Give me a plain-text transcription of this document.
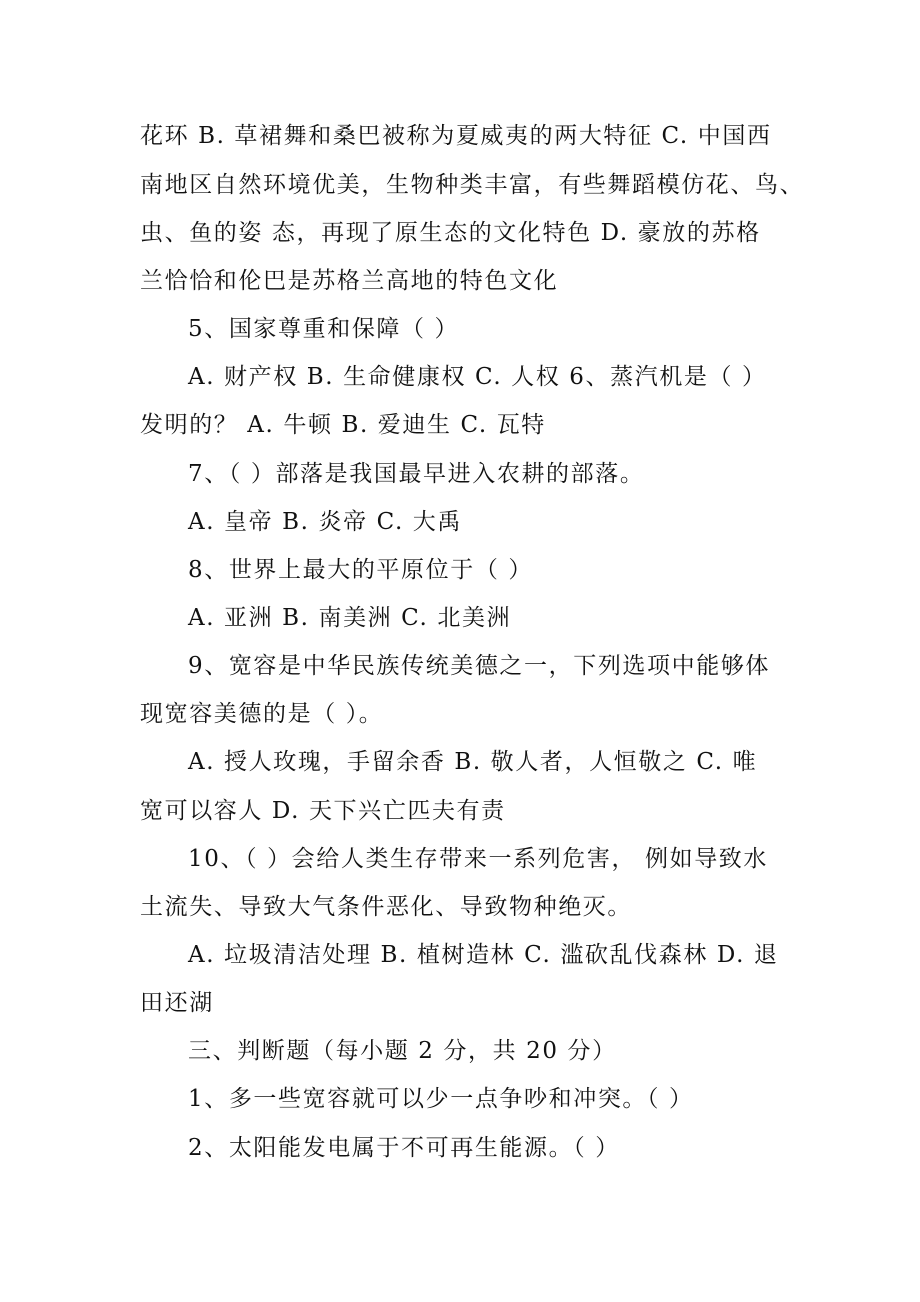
花环 B. 草裙舞和桑巴被称为夏威夷的两大特征 C. 中国西

南地区自然环境优美，生物种类丰富，有些舞蹈模仿花、鸟、

虫、鱼的姿 态，再现了原生态的文化特色 D. 豪放的苏格

兰恰恰和伦巴是苏格兰高地的特色文化

5、国家尊重和保障（ ）

A. 财产权 B. 生命健康权 C. 人权 6、蒸汽机是（ ）

发明的？ A. 牛顿 B. 爱迪生 C. 瓦特

7、（ ）部落是我国最早进入农耕的部落。

A. 皇帝 B. 炎帝 C. 大禹

8、世界上最大的平原位于（ ）

A. 亚洲 B. 南美洲 C. 北美洲

9、宽容是中华民族传统美德之一，下列选项中能够体

现宽容美德的是（ ）。

A. 授人玫瑰，手留余香 B. 敬人者，人恒敬之 C. 唯

宽可以容人 D. 天下兴亡匹夫有责

10、（ ）会给人类生存带来一系列危害， 例如导致水

土流失、导致大气条件恶化、导致物种绝灭。

A. 垃圾清洁处理 B. 植树造林 C. 滥砍乱伐森林 D. 退

田还湖

三、判断题（每小题 2 分，共 20 分）

1、多一些宽容就可以少一点争吵和冲突。（ ）

2、太阳能发电属于不可再生能源。（ ）
